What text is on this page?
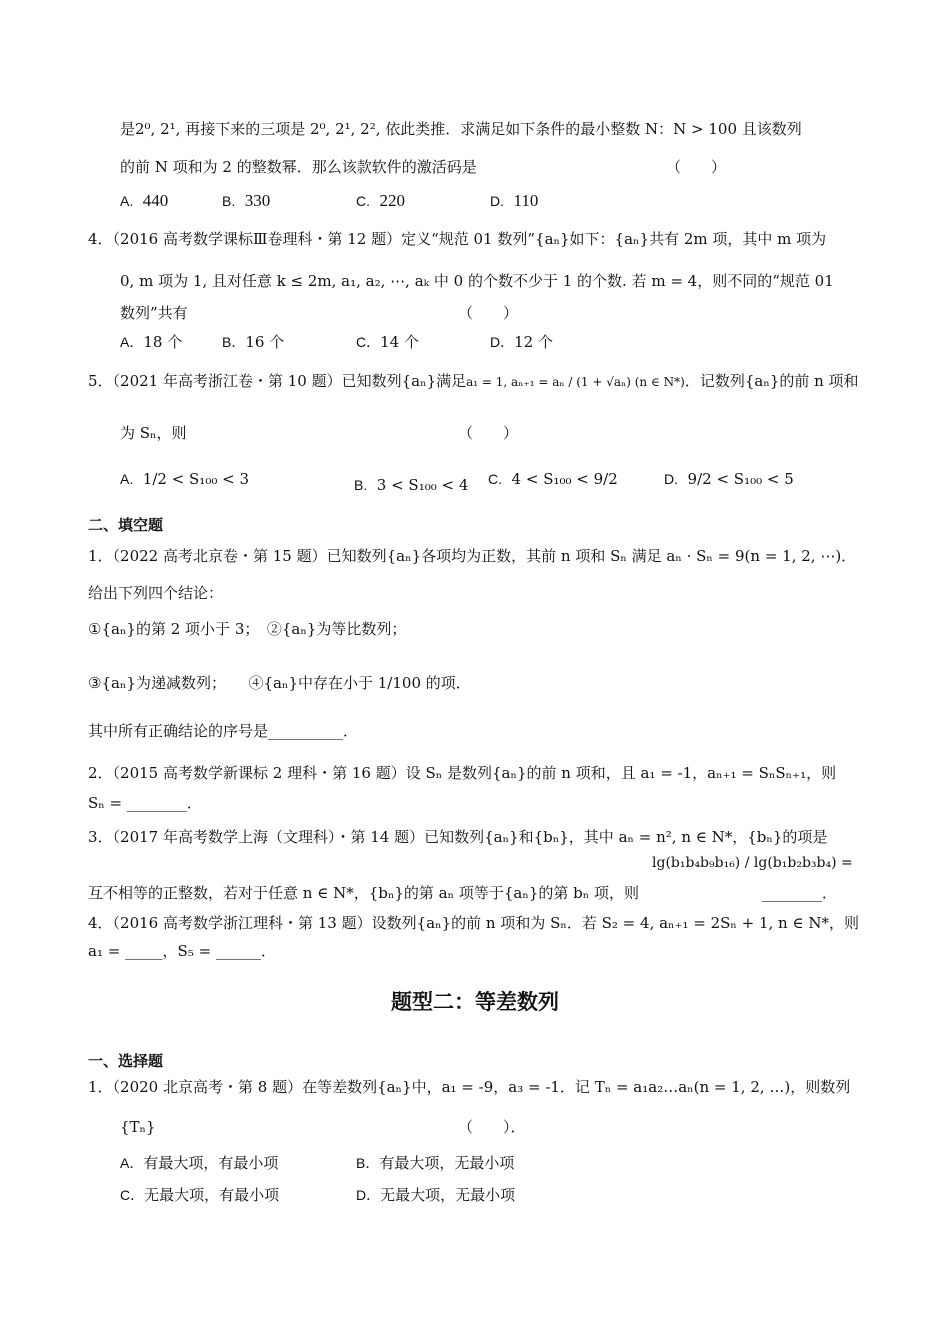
是2⁰, 2¹, 再接下来的三项是 2⁰, 2¹, 2², 依此类推．求满足如下条件的最小整数 N：N > 100 且该数列
的前 N 项和为 2 的整数幂．那么该款软件的激活码是	（　　）
A. 440	B. 330	C. 220	D. 110
4．（2016 高考数学课标Ⅲ卷理科・第 12 题）定义“规范 01 数列”{aₙ}如下：{aₙ}共有 2m 项，其中 m 项为
0, m 项为 1, 且对任意 k ≤ 2m, a₁, a₂, ⋯, aₖ 中 0 的个数不少于 1 的个数. 若 m = 4，则不同的“规范 01
数列”共有	（　　）
A．18 个	B．16 个	C．14 个	D．12 个
5．（2021 年高考浙江卷・第 10 题）已知数列{aₙ}满足a₁ = 1, aₙ₊₁ = aₙ / (1 + √aₙ) (n ∈ N*)．记数列{aₙ}的前 n 项和
为 Sₙ，则	（　　）
A. 1/2 < S₁₀₀ < 3	B. 3 < S₁₀₀ < 4 C. 4 < S₁₀₀ < 9/2	D. 9/2 < S₁₀₀ < 5
二、填空题
1．（2022 高考北京卷・第 15 题）已知数列{aₙ}各项均为正数，其前 n 项和 Sₙ 满足 aₙ · Sₙ = 9(n = 1, 2, ⋯)．
给出下列四个结论：
①{aₙ}的第 2 项小于 3；　②{aₙ}为等比数列；
③{aₙ}为递减数列；　　④{aₙ}中存在小于 1/100 的项．
其中所有正确结论的序号是__________．
2．（2015 高考数学新课标 2 理科・第 16 题）设 Sₙ 是数列{aₙ}的前 n 项和，且 a₁ = -1，aₙ₊₁ = SₙSₙ₊₁，则
Sₙ = ________．
3．（2017 年高考数学上海（文理科）・第 14 题）已知数列{aₙ}和{bₙ}，其中 aₙ = n², n ∈ N*，{bₙ}的项是
lg(b₁b₄b₉b₁₆) / lg(b₁b₂b₃b₄) =
互不相等的正整数，若对于任意 n ∈ N*，{bₙ}的第 aₙ 项等于{aₙ}的第 bₙ 项，则	________．
4．（2016 高考数学浙江理科・第 13 题）设数列{aₙ}的前 n 项和为 Sₙ．若 S₂ = 4, aₙ₊₁ = 2Sₙ + 1, n ∈ N*，则
a₁ = _____，S₅ = ______．
题型二：等差数列
一、选择题
1．（2020 北京高考・第 8 题）在等差数列{aₙ}中，a₁ = -9，a₃ = -1．记 Tₙ = a₁a₂…aₙ(n = 1, 2, …)，则数列
{Tₙ}	（　　）．
A．有最大项，有最小项	B．有最大项，无最小项
C．无最大项，有最小项	D．无最大项，无最小项
